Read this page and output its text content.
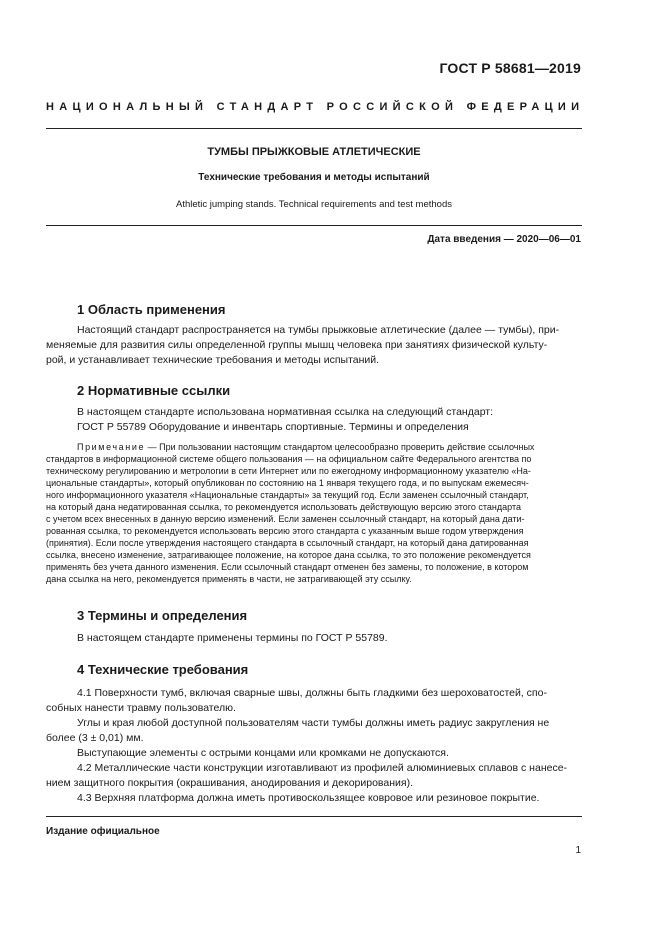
ГОСТ Р 58681—2019
НАЦИОНАЛЬНЫЙ СТАНДАРТ РОССИЙСКОЙ ФЕДЕРАЦИИ
ТУМБЫ ПРЫЖКОВЫЕ АТЛЕТИЧЕСКИЕ
Технические требования и методы испытаний
Athletic jumping stands. Technical requirements and test methods
Дата введения — 2020—06—01
1 Область применения
Настоящий стандарт распространяется на тумбы прыжковые атлетические (далее — тумбы), при-
меняемые для развития силы определенной группы мышц человека при занятиях физической культу-
рой, и устанавливает технические требования и методы испытаний.
2 Нормативные ссылки
В настоящем стандарте использована нормативная ссылка на следующий стандарт:
ГОСТ Р 55789 Оборудование и инвентарь спортивные. Термины и определения
Примечание — При пользовании настоящим стандартом целесообразно проверить действие ссылочных
стандартов в информационной системе общего пользования — на официальном сайте Федерального агентства по
техническому регулированию и метрологии в сети Интернет или по ежегодному информационному указателю «На-
циональные стандарты», который опубликован по состоянию на 1 января текущего года, и по выпускам ежемесяч-
ного информационного указателя «Национальные стандарты» за текущий год. Если заменен ссылочный стандарт,
на который дана недатированная ссылка, то рекомендуется использовать действующую версию этого стандарта
с учетом всех внесенных в данную версию изменений. Если заменен ссылочный стандарт, на который дана дати-
рованная ссылка, то рекомендуется использовать версию этого стандарта с указанным выше годом утверждения
(принятия). Если после утверждения настоящего стандарта в ссылочный стандарт, на который дана датированная
ссылка, внесено изменение, затрагивающее положение, на которое дана ссылка, то это положение рекомендуется
применять без учета данного изменения. Если ссылочный стандарт отменен без замены, то положение, в котором
дана ссылка на него, рекомендуется применять в части, не затрагивающей эту ссылку.
3 Термины и определения
В настоящем стандарте применены термины по ГОСТ Р 55789.
4 Технические требования
4.1 Поверхности тумб, включая сварные швы, должны быть гладкими без шероховатостей, спо-
собных нанести травму пользователю.
Углы и края любой доступной пользователям части тумбы должны иметь радиус закругления не
более (3 ± 0,01) мм.
Выступающие элементы с острыми концами или кромками не допускаются.
4.2 Металлические части конструкции изготавливают из профилей алюминиевых сплавов с нанесе-
нием защитного покрытия (окрашивания, анодирования и декорирования).
4.3 Верхняя платформа должна иметь противоскользящее ковровое или резиновое покрытие.
Издание официальное
1
